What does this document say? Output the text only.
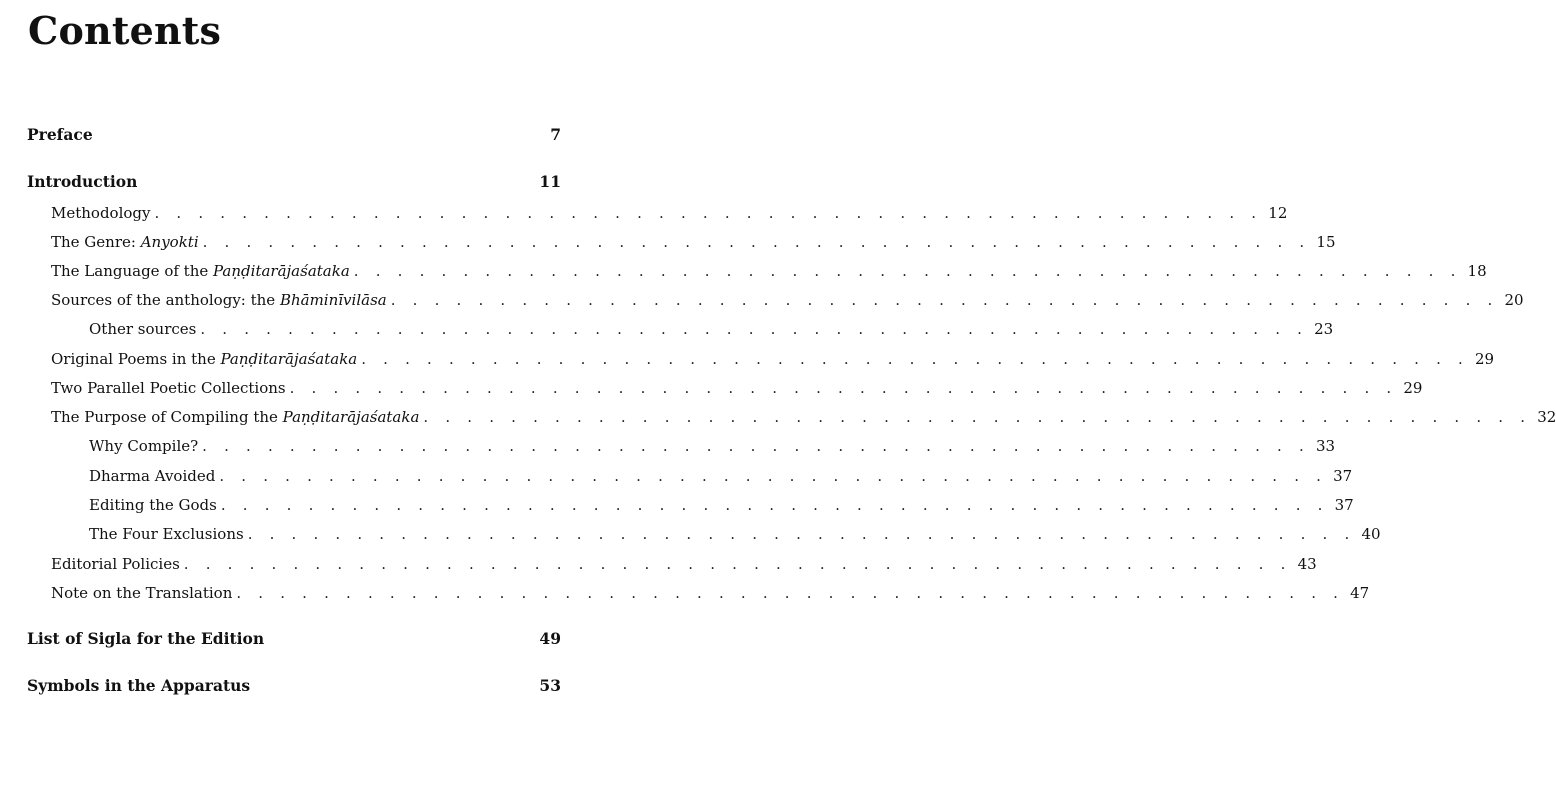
Contents
Preface	7
Introduction	11
Methodology . . . . . . . . . . . . . . . . . . . . . . . . . . . . . . . . . . . . . . . . . . . . . . . . . . . 12
The Genre: Anyokti . . . . . . . . . . . . . . . . . . . . . . . . . . . . . . . . . . . . . . . . . . . . . . . . . . . 15
The Language of the Paṇḍitarājaśataka . . . . . . . . . . . . . . . . . . . . . . . . . . . . . . . . . . . . . . . . . . . . . . . . . . . 18
Sources of the anthology: the Bhāminīvilāsa . . . . . . . . . . . . . . . . . . . . . . . . . . . . . . . . . . . . . . . . . . . . . . . . . . . 20
Other sources . . . . . . . . . . . . . . . . . . . . . . . . . . . . . . . . . . . . . . . . . . . . . . . . . . . 23
Original Poems in the Paṇḍitarājaśataka . . . . . . . . . . . . . . . . . . . . . . . . . . . . . . . . . . . . . . . . . . . . . . . . . . . 29
Two Parallel Poetic Collections . . . . . . . . . . . . . . . . . . . . . . . . . . . . . . . . . . . . . . . . . . . . . . . . . . . 29
The Purpose of Compiling the Paṇḍitarājaśataka . . . . . . . . . . . . . . . . . . . . . . . . . . . . . . . . . . . . . . . . . . . . . . . . . . . 32
Why Compile? . . . . . . . . . . . . . . . . . . . . . . . . . . . . . . . . . . . . . . . . . . . . . . . . . . . 33
Dharma Avoided . . . . . . . . . . . . . . . . . . . . . . . . . . . . . . . . . . . . . . . . . . . . . . . . . . . 37
Editing the Gods . . . . . . . . . . . . . . . . . . . . . . . . . . . . . . . . . . . . . . . . . . . . . . . . . . . 37
The Four Exclusions . . . . . . . . . . . . . . . . . . . . . . . . . . . . . . . . . . . . . . . . . . . . . . . . . . . 40
Editorial Policies . . . . . . . . . . . . . . . . . . . . . . . . . . . . . . . . . . . . . . . . . . . . . . . . . . . 43
Note on the Translation . . . . . . . . . . . . . . . . . . . . . . . . . . . . . . . . . . . . . . . . . . . . . . . . . . . 47
List of Sigla for the Edition	49
Symbols in the Apparatus	53
